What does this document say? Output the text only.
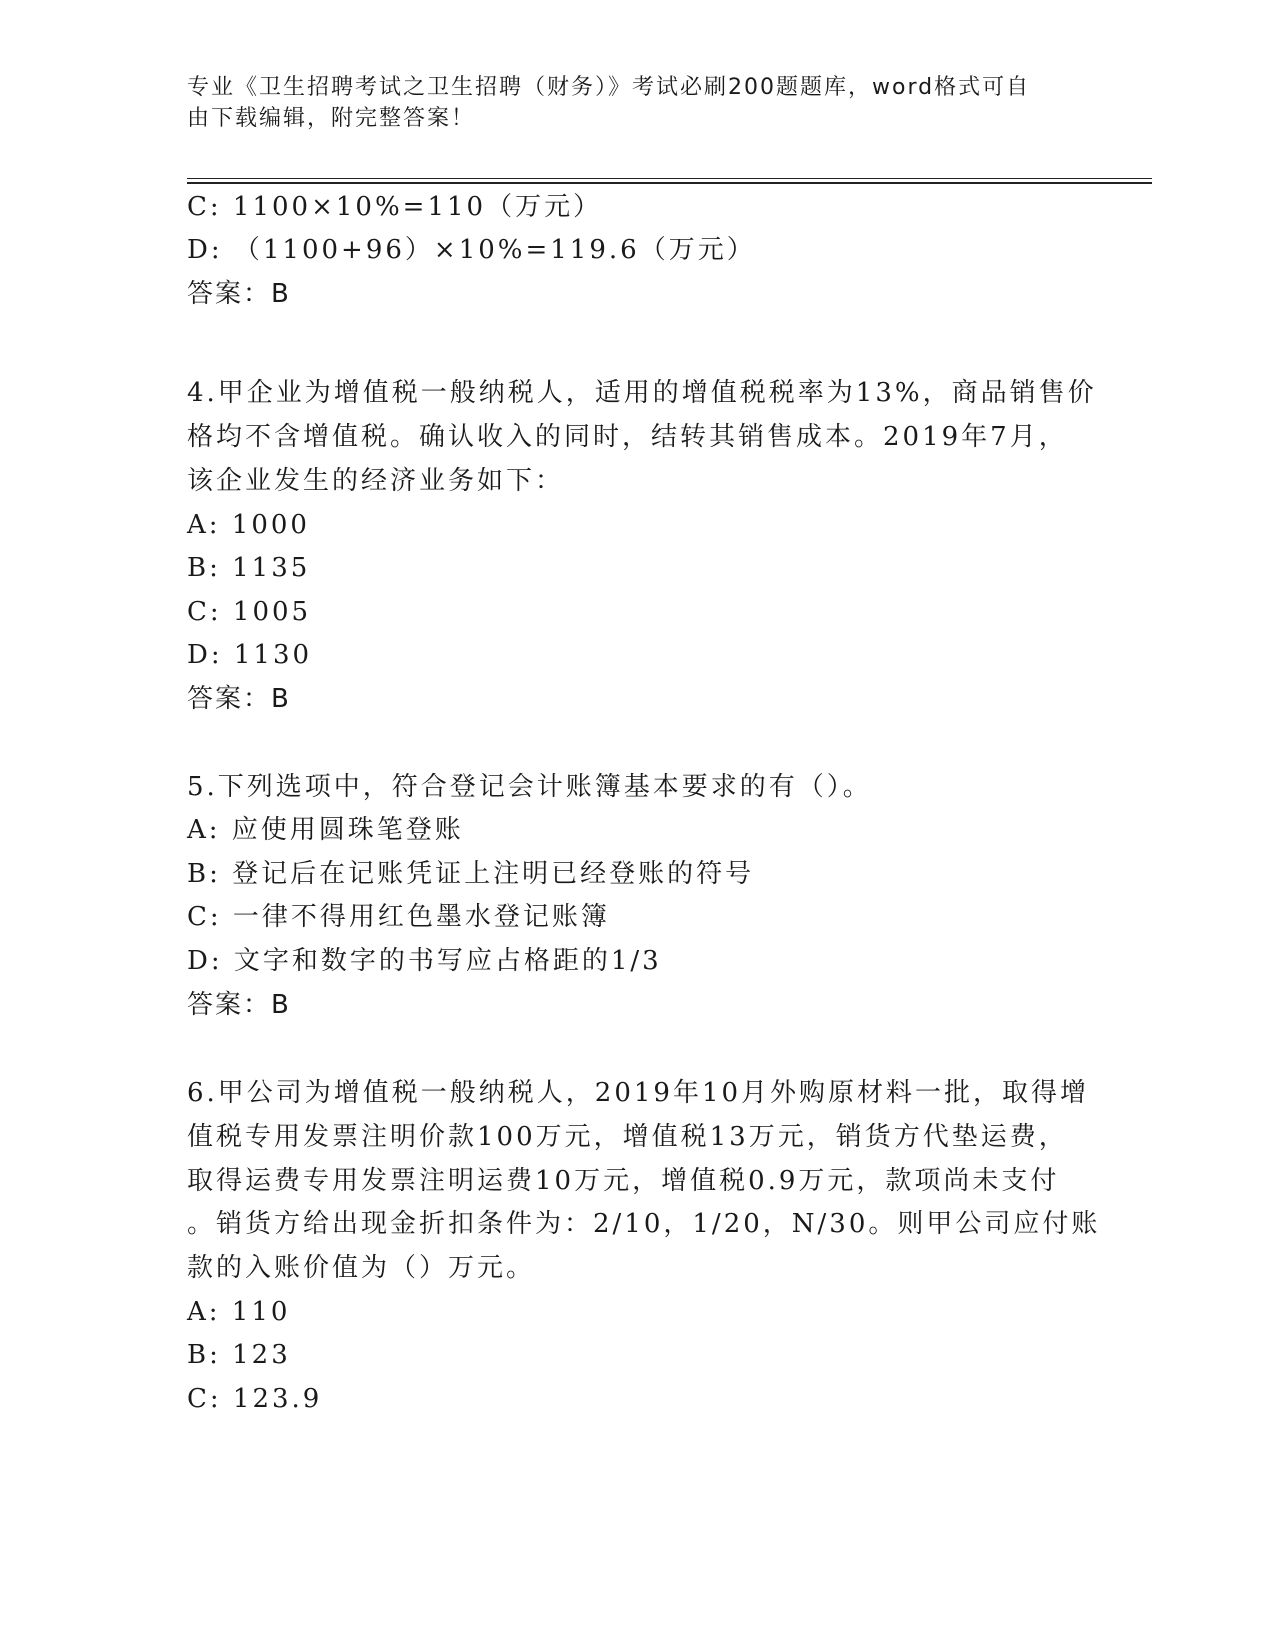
专业《卫生招聘考试之卫生招聘（财务）》考试必刷200题题库，word格式可自
由下载编辑，附完整答案！
C: 1100×10%=110（万元）
D: （1100+96）×10%=119.6（万元）
答案：B
4.甲企业为增值税一般纳税人，适用的增值税税率为13%，商品销售价
格均不含增值税。确认收入的同时，结转其销售成本。2019年7月，
该企业发生的经济业务如下：
A: 1000
B: 1135
C: 1005
D: 1130
答案：B
5.下列选项中，符合登记会计账簿基本要求的有（）。
A: 应使用圆珠笔登账
B: 登记后在记账凭证上注明已经登账的符号
C: 一律不得用红色墨水登记账簿
D: 文字和数字的书写应占格距的1/3
答案：B
6.甲公司为增值税一般纳税人，2019年10月外购原材料一批，取得增
值税专用发票注明价款100万元，增值税13万元，销货方代垫运费，
取得运费专用发票注明运费10万元，增值税0.9万元，款项尚未支付
。销货方给出现金折扣条件为：2/10，1/20，N/30。则甲公司应付账
款的入账价值为（）万元。
A: 110
B: 123
C: 123.9
